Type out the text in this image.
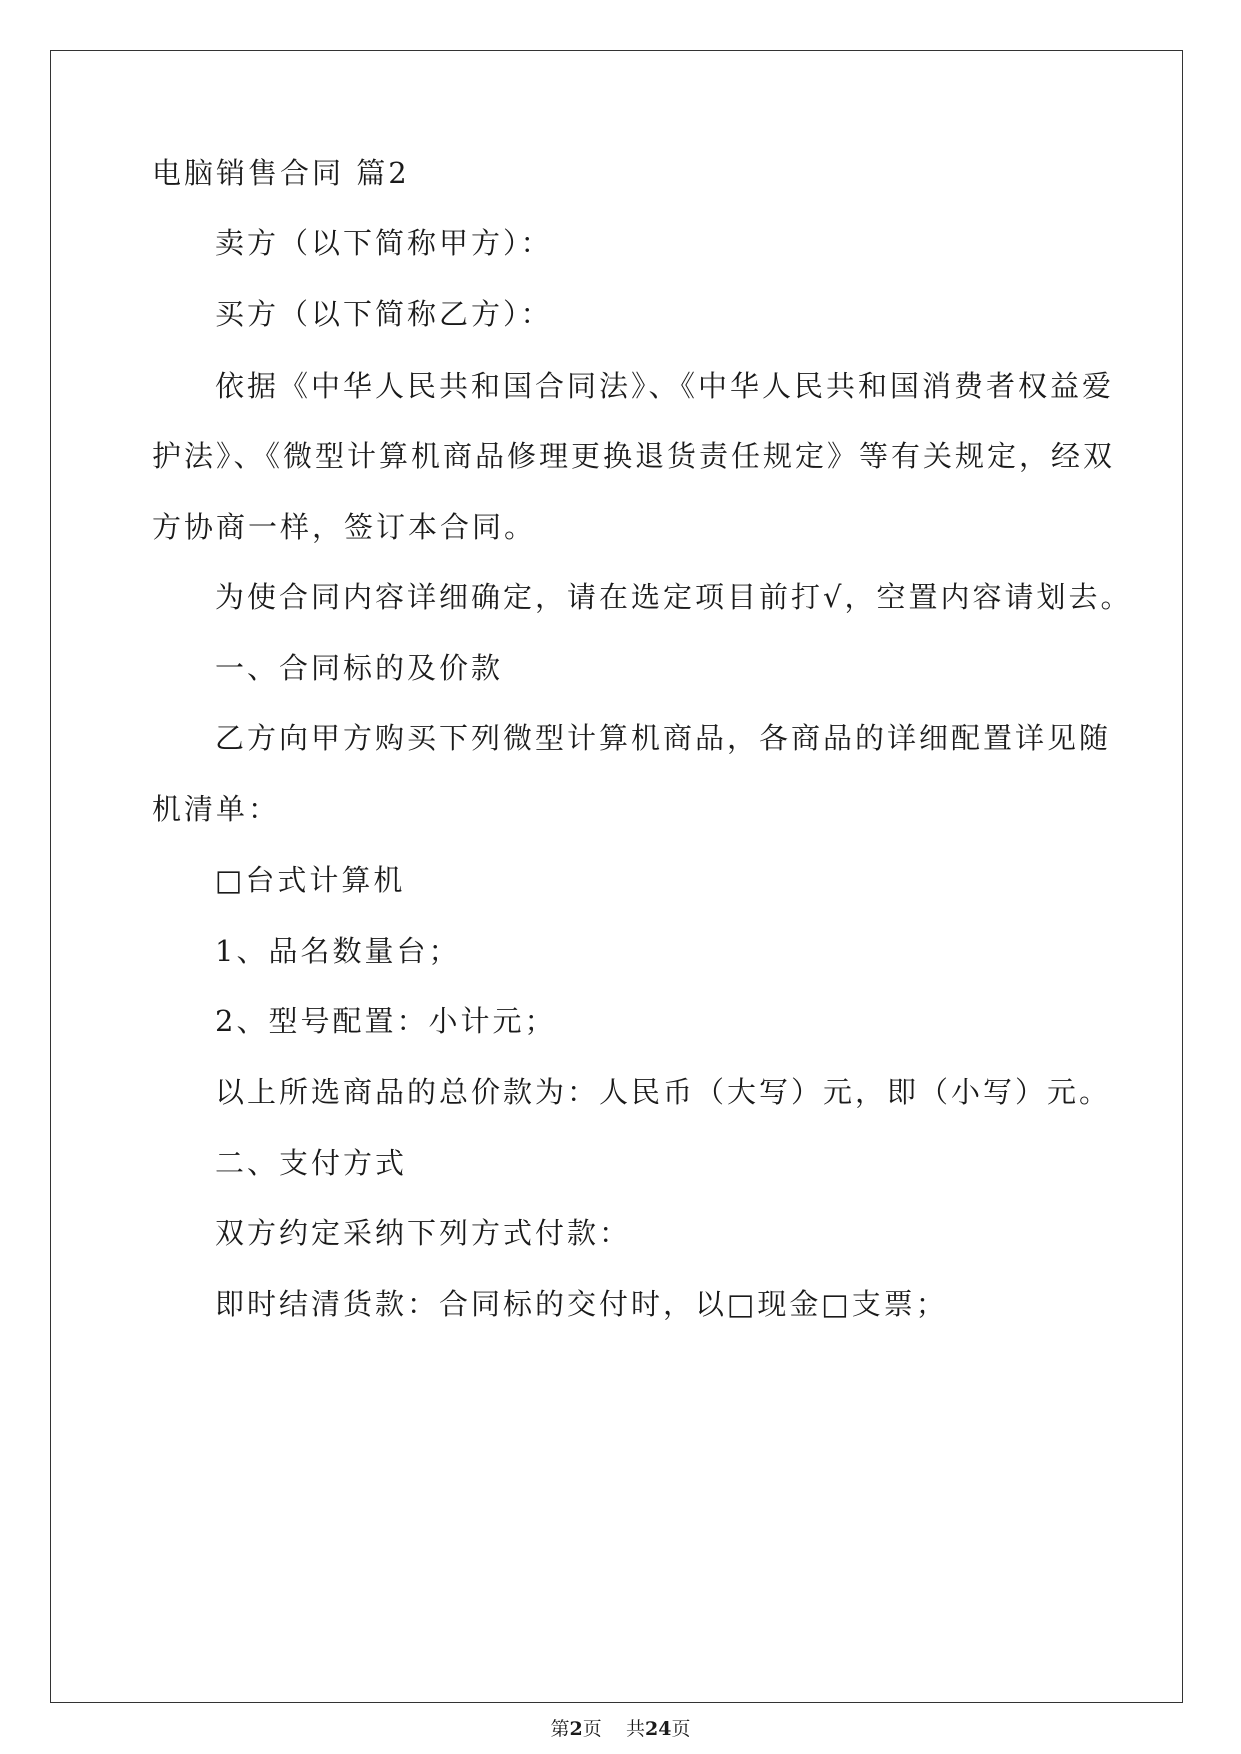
电脑销售合同 篇2
卖方（以下简称甲方）：
买方（以下简称乙方）：
依据《中华人民共和国合同法》、《中华人民共和国消费者权益爱
护法》、《微型计算机商品修理更换退货责任规定》等有关规定，经双
方协商一样，签订本合同。
为使合同内容详细确定，请在选定项目前打√，空置内容请划去。
一、合同标的及价款
乙方向甲方购买下列微型计算机商品，各商品的详细配置详见随
机清单：
□台式计算机
1、品名数量台；
2、型号配置：小计元；
以上所选商品的总价款为：人民币（大写）元，即（小写）元。
二、支付方式
双方约定采纳下列方式付款：
即时结清货款：合同标的交付时，以□现金□支票；
第2页 共24页
